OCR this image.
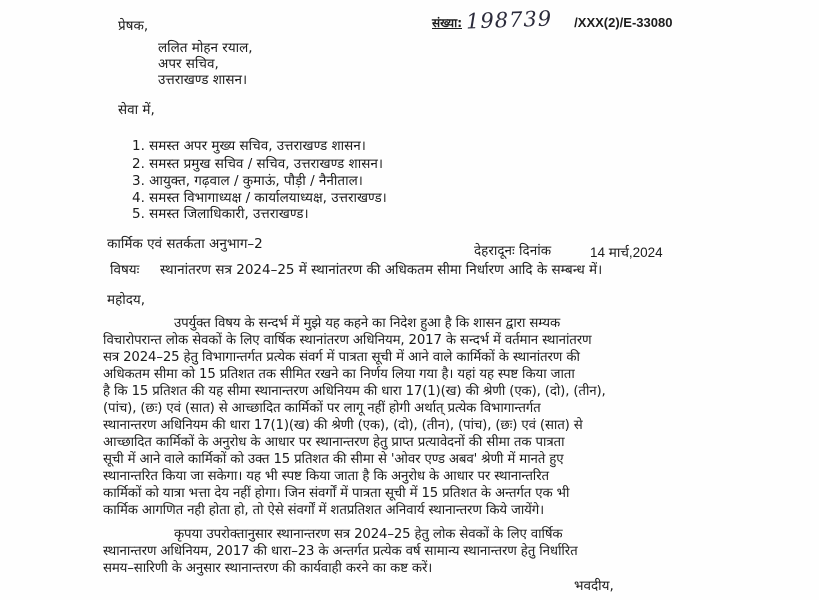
संख्या: 198739 /XXX(2)/E-33080
प्रेषक,
ललित मोहन रयाल,
अपर सचिव,
उत्तराखण्ड शासन।
सेवा में,
1. समस्त अपर मुख्य सचिव, उत्तराखण्ड शासन।
2. समस्त प्रमुख सचिव / सचिव, उत्तराखण्ड शासन।
3. आयुक्त, गढ़वाल / कुमाऊं, पौड़ी / नैनीताल।
4. समस्त विभागाध्यक्ष / कार्यालयाध्यक्ष, उत्तराखण्ड।
5. समस्त जिलाधिकारी, उत्तराखण्ड।
कार्मिक एवं सतर्कता अनुभाग–2	देहरादूनः दिनांक	14 मार्च,2024
विषयः स्थानांतरण सत्र 2024–25 में स्थानांतरण की अधिकतम सीमा निर्धारण आदि के सम्बन्ध में।
महोदय,
उपर्युक्त विषय के सन्दर्भ में मुझे यह कहने का निदेश हुआ है कि शासन द्वारा सम्यक
विचारोपरान्त लोक सेवकों के लिए वार्षिक स्थानांतरण अधिनियम, 2017 के सन्दर्भ में वर्तमान स्थानांतरण
सत्र 2024–25 हेतु विभागान्तर्गत प्रत्येक संवर्ग में पात्रता सूची में आने वाले कार्मिकों के स्थानांतरण की
अधिकतम सीमा को 15 प्रतिशत तक सीमित रखने का निर्णय लिया गया है। यहां यह स्पष्ट किया जाता
है कि 15 प्रतिशत की यह सीमा स्थानान्तरण अधिनियम की धारा 17(1)(ख) की श्रेणी (एक), (दो), (तीन),
(पांच), (छः) एवं (सात) से आच्छादित कार्मिकों पर लागू नहीं होगी अर्थात् प्रत्येक विभागान्तर्गत
स्थानान्तरण अधिनियम की धारा 17(1)(ख) की श्रेणी (एक), (दो), (तीन), (पांच), (छः) एवं (सात) से
आच्छादित कार्मिकों के अनुरोध के आधार पर स्थानान्तरण हेतु प्राप्त प्रत्यावेदनों की सीमा तक पात्रता
सूची में आने वाले कार्मिकों को उक्त 15 प्रतिशत की सीमा से 'ओवर एण्ड अबव' श्रेणी में मानते हुए
स्थानान्तरित किया जा सकेगा। यह भी स्पष्ट किया जाता है कि अनुरोध के आधार पर स्थानान्तरित
कार्मिकों को यात्रा भत्ता देय नहीं होगा। जिन संवर्गों में पात्रता सूची में 15 प्रतिशत के अन्तर्गत एक भी
कार्मिक आगणित नही होता हो, तो ऐसे संवर्गों में शतप्रतिशत अनिवार्य स्थानान्तरण किये जायेंगे।
कृपया उपरोक्तानुसार स्थानान्तरण सत्र 2024–25 हेतु लोक सेवकों के लिए वार्षिक
स्थानान्तरण अधिनियम, 2017 की धारा–23 के अन्तर्गत प्रत्येक वर्ष सामान्य स्थानान्तरण हेतु निर्धारित
समय–सारिणी के अनुसार स्थानान्तरण की कार्यवाही करने का कष्ट करें।
भवदीय,
